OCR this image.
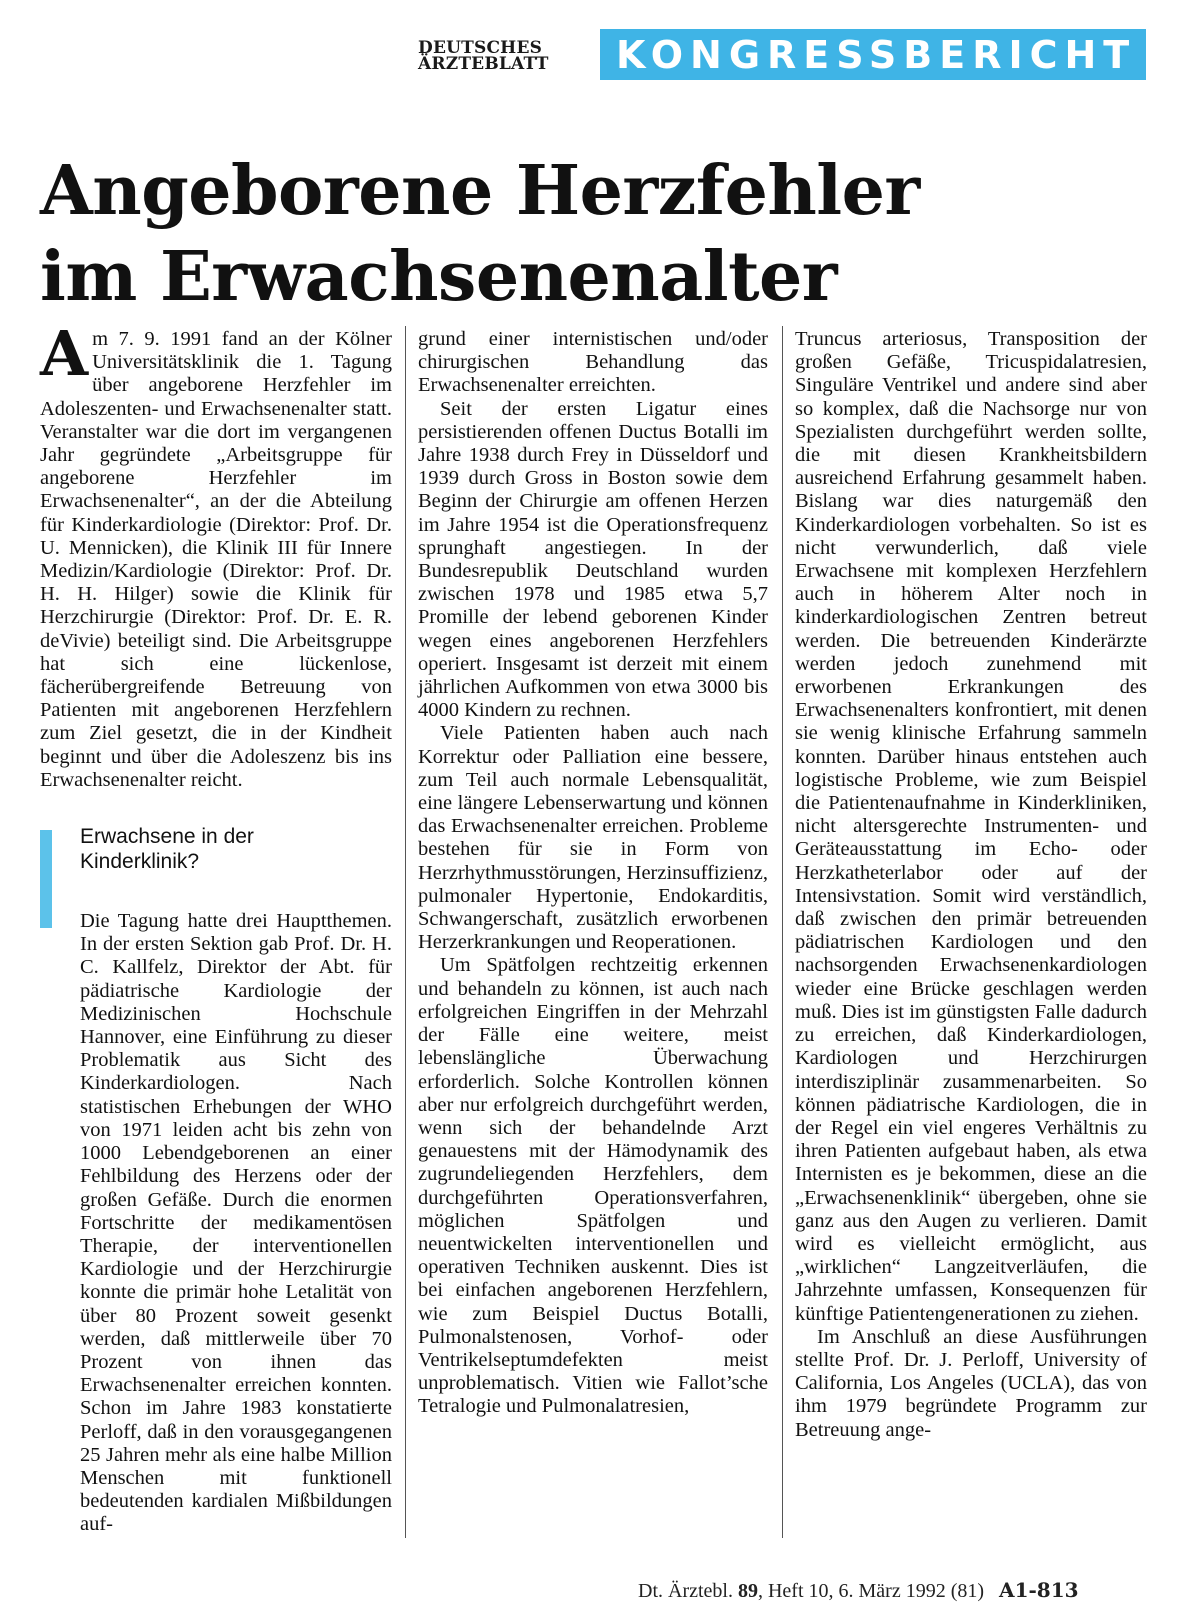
DEUTSCHES
ÄRZTEBLATT	KONGRESSBERICHT
Angeborene Herzfehler
im Erwachsenenalter

Am 7. 9. 1991 fand an der Kölner Universitätsklinik die 1. Tagung über angeborene Herzfehler im Adoleszenten- und Erwachsenenalter statt. Veranstalter war die dort im vergangenen Jahr gegründete „Arbeitsgruppe für angeborene Herzfehler im Erwachsenenalter“, an der die Abteilung für Kinderkardiologie (Direktor: Prof. Dr. U. Mennicken), die Klinik III für Innere Medizin/Kardiologie (Direktor: Prof. Dr. H. H. Hilger) sowie die Klinik für Herzchirurgie (Direktor: Prof. Dr. E. R. deVivie) beteiligt sind. Die Arbeitsgruppe hat sich eine lückenlose, fächerübergreifende Betreuung von Patienten mit angeborenen Herzfehlern zum Ziel gesetzt, die in der Kindheit beginnt und über die Adoleszenz bis ins Erwachsenenalter reicht.

Erwachsene in der
Kinderklinik?

Die Tagung hatte drei Hauptthemen. In der ersten Sektion gab Prof. Dr. H. C. Kallfelz, Direktor der Abt. für pädiatrische Kardiologie der Medizinischen Hochschule Hannover, eine Einführung zu dieser Problematik aus Sicht des Kinderkardiologen. Nach statistischen Erhebungen der WHO von 1971 leiden acht bis zehn von 1000 Lebendgeborenen an einer Fehlbildung des Herzens oder der großen Gefäße. Durch die enormen Fortschritte der medikamentösen Therapie, der interventionellen Kardiologie und der Herzchirurgie konnte die primär hohe Letalität von über 80 Prozent soweit gesenkt werden, daß mittlerweile über 70 Prozent von ihnen das Erwachsenenalter erreichen konnten. Schon im Jahre 1983 konstatierte Perloff, daß in den vorausgegangenen 25 Jahren mehr als eine halbe Million Menschen mit funktionell bedeutenden kardialen Mißbildungen auf-

grund einer internistischen und/oder chirurgischen Behandlung das Erwachsenenalter erreichten.

Seit der ersten Ligatur eines persistierenden offenen Ductus Botalli im Jahre 1938 durch Frey in Düsseldorf und 1939 durch Gross in Boston sowie dem Beginn der Chirurgie am offenen Herzen im Jahre 1954 ist die Operationsfrequenz sprunghaft angestiegen. In der Bundesrepublik Deutschland wurden zwischen 1978 und 1985 etwa 5,7 Promille der lebend geborenen Kinder wegen eines angeborenen Herzfehlers operiert. Insgesamt ist derzeit mit einem jährlichen Aufkommen von etwa 3000 bis 4000 Kindern zu rechnen.

Viele Patienten haben auch nach Korrektur oder Palliation eine bessere, zum Teil auch normale Lebensqualität, eine längere Lebenserwartung und können das Erwachsenenalter erreichen. Probleme bestehen für sie in Form von Herzrhythmusstörungen, Herzinsuffizienz, pulmonaler Hypertonie, Endokarditis, Schwangerschaft, zusätzlich erworbenen Herzerkrankungen und Reoperationen.

Um Spätfolgen rechtzeitig erkennen und behandeln zu können, ist auch nach erfolgreichen Eingriffen in der Mehrzahl der Fälle eine weitere, meist lebenslängliche Überwachung erforderlich. Solche Kontrollen können aber nur erfolgreich durchgeführt werden, wenn sich der behandelnde Arzt genauestens mit der Hämodynamik des zugrundeliegenden Herzfehlers, dem durchgeführten Operationsverfahren, möglichen Spätfolgen und neuentwickelten interventionellen und operativen Techniken auskennt. Dies ist bei einfachen angeborenen Herzfehlern, wie zum Beispiel Ductus Botalli, Pulmonalstenosen, Vorhof- oder Ventrikelseptumdefekten meist unproblematisch. Vitien wie Fallot’sche Tetralogie und Pulmonalatresien,

Truncus arteriosus, Transposition der großen Gefäße, Tricuspidalatresien, Singuläre Ventrikel und andere sind aber so komplex, daß die Nachsorge nur von Spezialisten durchgeführt werden sollte, die mit diesen Krankheitsbildern ausreichend Erfahrung gesammelt haben. Bislang war dies naturgemäß den Kinderkardiologen vorbehalten. So ist es nicht verwunderlich, daß viele Erwachsene mit komplexen Herzfehlern auch in höherem Alter noch in kinderkardiologischen Zentren betreut werden. Die betreuenden Kinderärzte werden jedoch zunehmend mit erworbenen Erkrankungen des Erwachsenenalters konfrontiert, mit denen sie wenig klinische Erfahrung sammeln konnten. Darüber hinaus entstehen auch logistische Probleme, wie zum Beispiel die Patientenaufnahme in Kinderkliniken, nicht altersgerechte Instrumenten- und Geräteausstattung im Echo- oder Herzkatheterlabor oder auf der Intensivstation. Somit wird verständlich, daß zwischen den primär betreuenden pädiatrischen Kardiologen und den nachsorgenden Erwachsenenkardiologen wieder eine Brücke geschlagen werden muß. Dies ist im günstigsten Falle dadurch zu erreichen, daß Kinderkardiologen, Kardiologen und Herzchirurgen interdisziplinär zusammenarbeiten. So können pädiatrische Kardiologen, die in der Regel ein viel engeres Verhältnis zu ihren Patienten aufgebaut haben, als etwa Internisten es je bekommen, diese an die „Erwachsenenklinik“ übergeben, ohne sie ganz aus den Augen zu verlieren. Damit wird es vielleicht ermöglicht, aus „wirklichen“ Langzeitverläufen, die Jahrzehnte umfassen, Konsequenzen für künftige Patientengenerationen zu ziehen.

Im Anschluß an diese Ausführungen stellte Prof. Dr. J. Perloff, University of California, Los Angeles (UCLA), das von ihm 1979 begründete Programm zur Betreuung ange-

Dt. Ärztebl. 89, Heft 10, 6. März 1992 (81) A1-813
